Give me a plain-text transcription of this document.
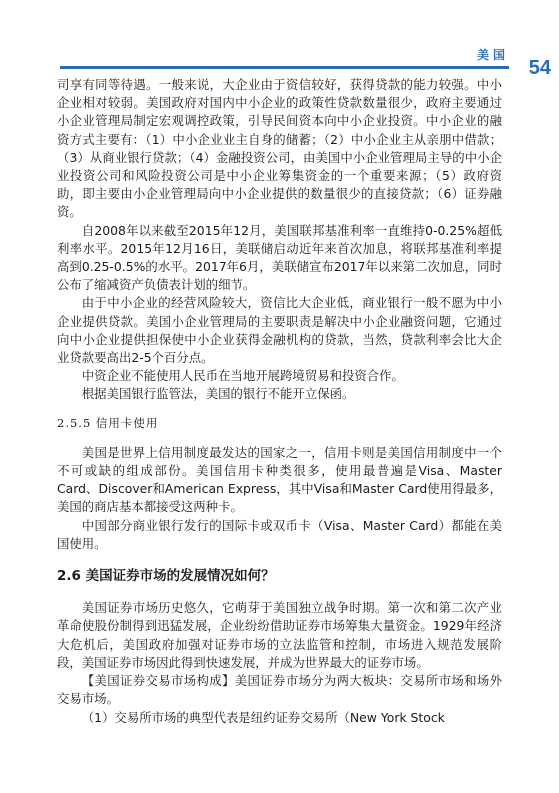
美国
54

司享有同等待遇。一般来说，大企业由于资信较好，获得贷款的能力较强。中小企业相对较弱。美国政府对国内中小企业的政策性贷款数量很少，政府主要通过小企业管理局制定宏观调控政策，引导民间资本向中小企业投资。中小企业的融资方式主要有：（1）中小企业业主自身的储蓄；（2）中小企业主从亲朋中借款；（3）从商业银行贷款；（4）金融投资公司，由美国中小企业管理局主导的中小企业投资公司和风险投资公司是中小企业筹集资金的一个重要来源；（5）政府资助，即主要由小企业管理局向中小企业提供的数量很少的直接贷款；（6）证券融资。

自2008年以来截至2015年12月，美国联邦基准利率一直维持0-0.25%超低利率水平。2015年12月16日，美联储启动近年来首次加息，将联邦基准利率提高到0.25-0.5%的水平。2017年6月，美联储宣布2017年以来第二次加息，同时公布了缩减资产负债表计划的细节。

由于中小企业的经营风险较大，资信比大企业低，商业银行一般不愿为中小企业提供贷款。美国小企业管理局的主要职责是解决中小企业融资问题，它通过向中小企业提供担保使中小企业获得金融机构的贷款，当然，贷款利率会比大企业贷款要高出2-5个百分点。

中资企业不能使用人民币在当地开展跨境贸易和投资合作。

根据美国银行监管法，美国的银行不能开立保函。

2.5.5 信用卡使用

美国是世界上信用制度最发达的国家之一，信用卡则是美国信用制度中一个不可或缺的组成部份。美国信用卡种类很多，使用最普遍是Visa、Master Card、Discover和American Express，其中Visa和Master Card使用得最多，美国的商店基本都接受这两种卡。

中国部分商业银行发行的国际卡或双币卡（Visa、Master Card）都能在美国使用。

2.6 美国证券市场的发展情况如何？

美国证券市场历史悠久，它萌芽于美国独立战争时期。第一次和第二次产业革命使股份制得到迅猛发展，企业纷纷借助证券市场筹集大量资金。1929年经济大危机后，美国政府加强对证券市场的立法监管和控制，市场进入规范发展阶段，美国证券市场因此得到快速发展，并成为世界最大的证券市场。

【美国证券交易市场构成】美国证券市场分为两大板块：交易所市场和场外交易市场。

（1）交易所市场的典型代表是纽约证券交易所（New York Stock
